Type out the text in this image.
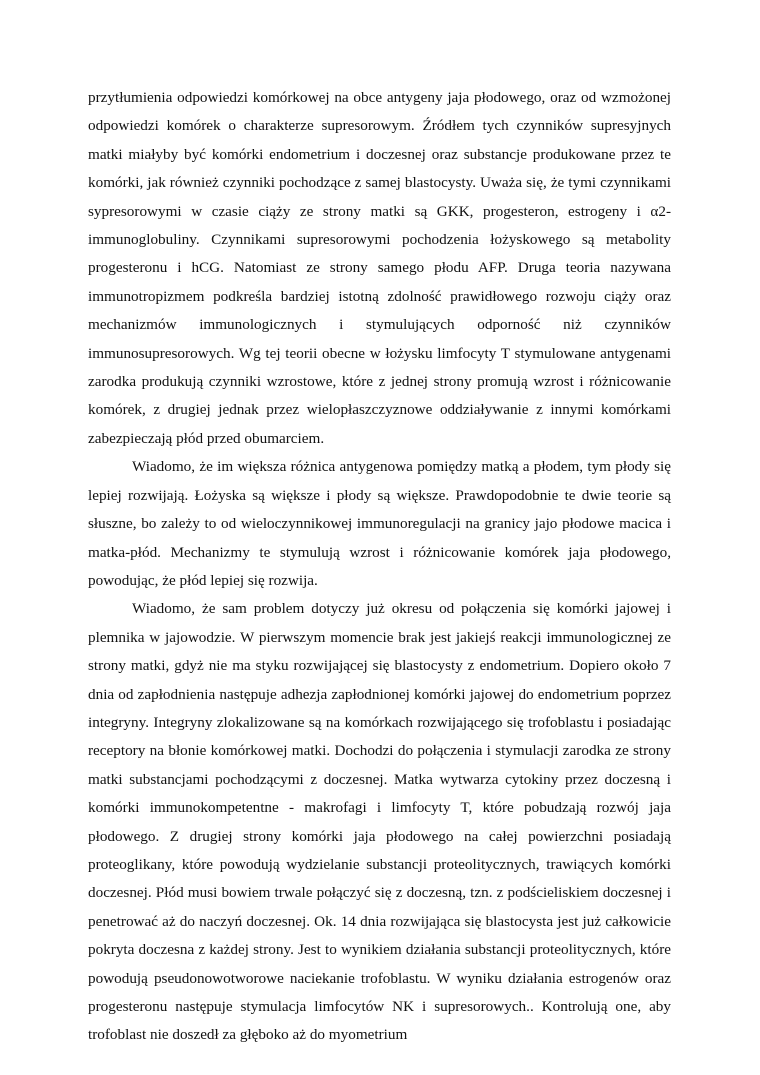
przytłumienia odpowiedzi komórkowej na obce antygeny jaja płodowego, oraz od wzmożonej odpowiedzi komórek o charakterze supresorowym. Źródłem tych czynników supresyjnych matki miałyby być komórki endometrium i doczesnej oraz substancje produkowane przez te komórki, jak również czynniki pochodzące z samej blastocysty. Uważa się, że tymi czynnikami sypresorowymi w czasie ciąży ze strony matki są GKK, progesteron, estrogeny i α2-immunoglobuliny. Czynnikami supresorowymi pochodzenia łożyskowego są metabolity progesteronu i hCG. Natomiast ze strony samego płodu AFP. Druga teoria nazywana immunotropizmem podkreśla bardziej istotną zdolność prawidłowego rozwoju ciąży oraz mechanizmów immunologicznych i stymulujących odporność niż czynników immunosupresorowych. Wg tej teorii obecne w łożysku limfocyty T stymulowane antygenami zarodka produkują czynniki wzrostowe, które z jednej strony promują wzrost i różnicowanie komórek, z drugiej jednak przez wielopłaszczyznowe oddziaływanie z innymi komórkami zabezpieczają płód przed obumarciem.

Wiadomo, że im większa różnica antygenowa pomiędzy matką a płodem, tym płody się lepiej rozwijają. Łożyska są większe i płody są większe. Prawdopodobnie te dwie teorie są słuszne, bo zależy to od wieloczynnikowej immunoregulacji na granicy jajo płodowe macica i matka-płód. Mechanizmy te stymulują wzrost i różnicowanie komórek jaja płodowego, powodując, że płód lepiej się rozwija.

Wiadomo, że sam problem dotyczy już okresu od połączenia się komórki jajowej i plemnika w jajowodzie. W pierwszym momencie brak jest jakiejś reakcji immunologicznej ze strony matki, gdyż nie ma styku rozwijającej się blastocysty z endometrium. Dopiero około 7 dnia od zapłodnienia następuje adhezja zapłodnionej komórki jajowej do endometrium poprzez integryny. Integryny zlokalizowane są na komórkach rozwijającego się trofoblastu i posiadając receptory na błonie komórkowej matki. Dochodzi do połączenia i stymulacji zarodka ze strony matki substancjami pochodzącymi z doczesnej. Matka wytwarza cytokiny przez doczesną i komórki immunokompetentne - makrofagi i limfocyty T, które pobudzają rozwój jaja płodowego. Z drugiej strony komórki jaja płodowego na całej powierzchni posiadają proteoglikany, które powodują wydzielanie substancji proteolitycznych, trawiących komórki doczesnej. Płód musi bowiem trwale połączyć się z doczesną, tzn. z podścieliskiem doczesnej i penetrować aż do naczyń doczesnej. Ok. 14 dnia rozwijająca się blastocysta jest już całkowicie pokryta doczesna z każdej strony. Jest to wynikiem działania substancji proteolitycznych, które powodują pseudonowotworowe naciekanie trofoblastu. W wyniku działania estrogenów oraz progesteronu następuje stymulacja limfocytów NK i supresorowych.. Kontrolują one, aby trofoblast nie doszedł za głęboko aż do myometrium
